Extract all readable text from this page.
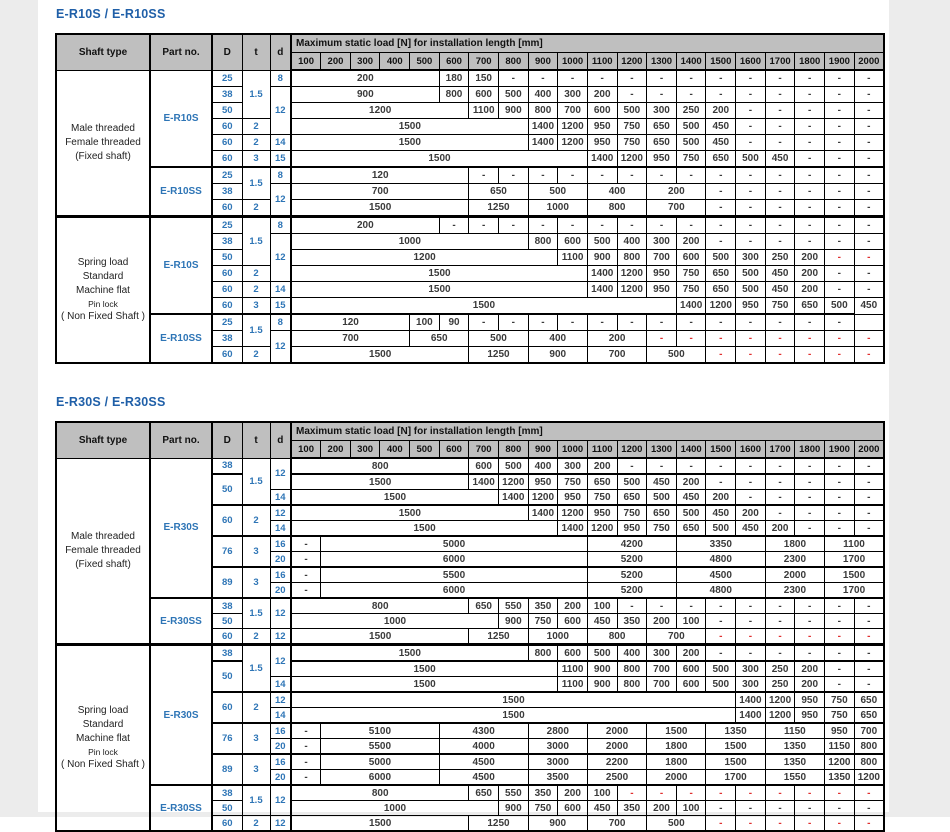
E-R10S / E-R10SS
Shaft type	Part no.	D	t	d	Maximum static load [N] for installation length [mm]																			
					100	200	300	400	500	600	700	800	900	1000	1100	1200	1300	1400	1500	1600	1700	1800	1900	2000

Male threaded
Female threaded
(Fixed shaft)	E-R10S	25	1.5	8	200					180	150	-	-	-	-	-	-	-	-	-	-	-	-	-
		38		12	900					800	600	500	400	300	200	-	-	-	-	-	-	-	-	-
		50			1200						1100	900	800	700	600	500	300	250	200	-	-	-	-	-
		60	2		1500								1400	1200	950	750	650	500	450	-	-	-	-	-
		60	2	14	1500								1400	1200	950	750	650	500	450	-	-	-	-	-
		60	3	15	1500										1400	1200	950	750	650	500	450	-	-	-
	E-R10SS	25	1.5	8	120						-	-	-	-	-	-	-	-	-	-	-	-	-	-
		38		12	700						650		500		400		200		-	-	-	-	-	-
		60	2		1500						1250		1000		800		700		-	-	-	-	-	-

Spring load
Standard
Machine flat
Pin lock
( Non Fixed Shaft )	E-R10S	25	1.5	8	200					-	-	-	-	-	-	-	-	-	-	-	-	-	-	-
		38		12	1000								800	600	500	400	300	200	-	-	-	-	-	-
		50			1200									1100	900	800	700	600	500	300	250	200	-	-
		60	2		1500										1400	1200	950	750	650	500	450	200	-	-
		60	2	14	1500										1400	1200	950	750	650	500	450	200	-	-
		60	3	15	1500													1400	1200	950	750	650	500	450
	E-R10SS	25	1.5	8	120				100	90	-	-	-	-	-	-	-	-	-	-	-	-	-	
		38		12	700				650		500		400		200		-	-	-	-	-	-	-	-
		60	2		1500						1250		900		700		500		-	-	-	-	-	-
E-R30S / E-R30SS
Shaft type	Part no.	D	t	d	Maximum static load [N] for installation length [mm]																			
					100	200	300	400	500	600	700	800	900	1000	1100	1200	1300	1400	1500	1600	1700	1800	1900	2000

Male threaded
Female threaded
(Fixed shaft)	E-R30S	38	1.5	12	800						600	500	400	300	200	-	-	-	-	-	-	-	-	-
		50			1500						1400	1200	950	750	650	500	450	200	-	-	-	-	-	-
				14	1500							1400	1200	950	750	650	500	450	200	-	-	-	-	-
		60	2	12	1500								1400	1200	950	750	650	500	450	200	-	-	-	-
				14	1500									1400	1200	950	750	650	500	450	200	-	-	-
		76	3	16	-	5000									4200			3350			1800		1100	
				20	-	6000									5200			4800			2300		1700	
		89	3	16	-	5500									5200			4500			2000		1500	
				20	-	6000									5200			4800			2300		1700	
	E-R30SS	38	1.5	12	800						650	550	350	200	100	-	-	-	-	-	-	-	-	-
		50			1000							900	750	600	450	350	200	100	-	-	-	-	-	-
		60	2	12	1500						1250		1000		800		700		-	-	-	-	-	-

Spring load
Standard
Machine flat
Pin lock
( Non Fixed Shaft )	E-R30S	38	1.5	12	1500								800	600	500	400	300	200	-	-	-	-	-	-
		50			1500									1100	900	800	700	600	500	300	250	200	-	-
				14	1500									1100	900	800	700	600	500	300	250	200	-	-
		60	2	12	1500															1400	1200	950	750	650
				14	1500															1400	1200	950	750	650
		76	3	16	-	5100				4300			2800		2000		1500		1350		1150		950	700
				20	-	5500				4000			3000		2000		1800		1500		1350		1150	800
		89	3	16	-	5000				4500			3000		2200		1800		1500		1350		1200	800
				20	-	6000				4500			3500		2500		2000		1700		1550		1350	1200
	E-R30SS	38	1.5	12	800						650	550	350	200	100	-	-	-	-	-	-	-	-	-
		50			1000							900	750	600	450	350	200	100	-	-	-	-	-	-
		60	2	12	1500						1250		900		700		500		-	-	-	-	-	-
